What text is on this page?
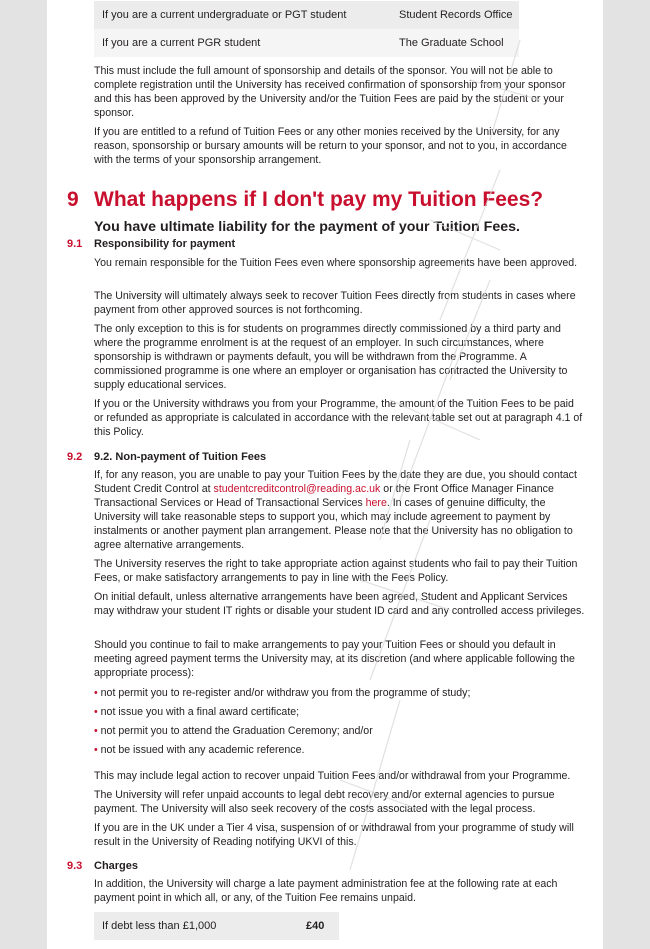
If you are a current undergraduate or PGT student	Student Records Office
If you are a current PGR student	The Graduate School

This must include the full amount of sponsorship and details of the sponsor. You will not be able to complete registration until the University has received confirmation of sponsorship from your sponsor and this has been approved by the University and/or the Tuition Fees are paid by the student or your sponsor.

If you are entitled to a refund of Tuition Fees or any other monies received by the University, for any reason, sponsorship or bursary amounts will be return to your sponsor, and not to you, in accordance with the terms of your sponsorship arrangement.

9 What happens if I don't pay my Tuition Fees?
You have ultimate liability for the payment of your Tuition Fees.
9.1 Responsibility for payment

You remain responsible for the Tuition Fees even where sponsorship agreements have been approved.

The University will ultimately always seek to recover Tuition Fees directly from students in cases where payment from other approved sources is not forthcoming.

The only exception to this is for students on programmes directly commissioned by a third party and where the programme enrolment is at the request of an employer. In such circumstances, where sponsorship is withdrawn or payments default, you will be withdrawn from the Programme. A commissioned programme is one where an employer or organisation has contracted the University to supply educational services.

If you or the University withdraws you from your Programme, the amount of the Tuition Fees to be paid or refunded as appropriate is calculated in accordance with the relevant table set out at paragraph 4.1 of this Policy.

9.2 9.2. Non-payment of Tuition Fees

If, for any reason, you are unable to pay your Tuition Fees by the date they are due, you should contact Student Credit Control at studentcreditcontrol@reading.ac.uk or the Front Office Manager Finance Transactional Services or Head of Transactional Services here. In cases of genuine difficulty, the University will take reasonable steps to support you, which may include agreement to payment by instalments or another payment plan arrangement. Please note that the University has no obligation to agree alternative arrangements.

The University reserves the right to take appropriate action against students who fail to pay their Tuition Fees, or make satisfactory arrangements to pay in line with the Fees Policy.

On initial default, unless alternative arrangements have been agreed, Student and Applicant Services may withdraw your student IT rights or disable your student ID card and any controlled access privileges.

Should you continue to fail to make arrangements to pay your Tuition Fees or should you default in meeting agreed payment terms the University may, at its discretion (and where applicable following the appropriate process):

• not permit you to re-register and/or withdraw you from the programme of study;
• not issue you with a final award certificate;
• not permit you to attend the Graduation Ceremony; and/or
• not be issued with any academic reference.

This may include legal action to recover unpaid Tuition Fees and/or withdrawal from your Programme.

The University will refer unpaid accounts to legal debt recovery and/or external agencies to pursue payment. The University will also seek recovery of the costs associated with the legal process.

If you are in the UK under a Tier 4 visa, suspension of or withdrawal from your programme of study will result in the University of Reading notifying UKVI of this.

9.3 Charges

In addition, the University will charge a late payment administration fee at the following rate at each payment point in which all, or any, of the Tuition Fee remains unpaid.

If debt less than £1,000	£40
